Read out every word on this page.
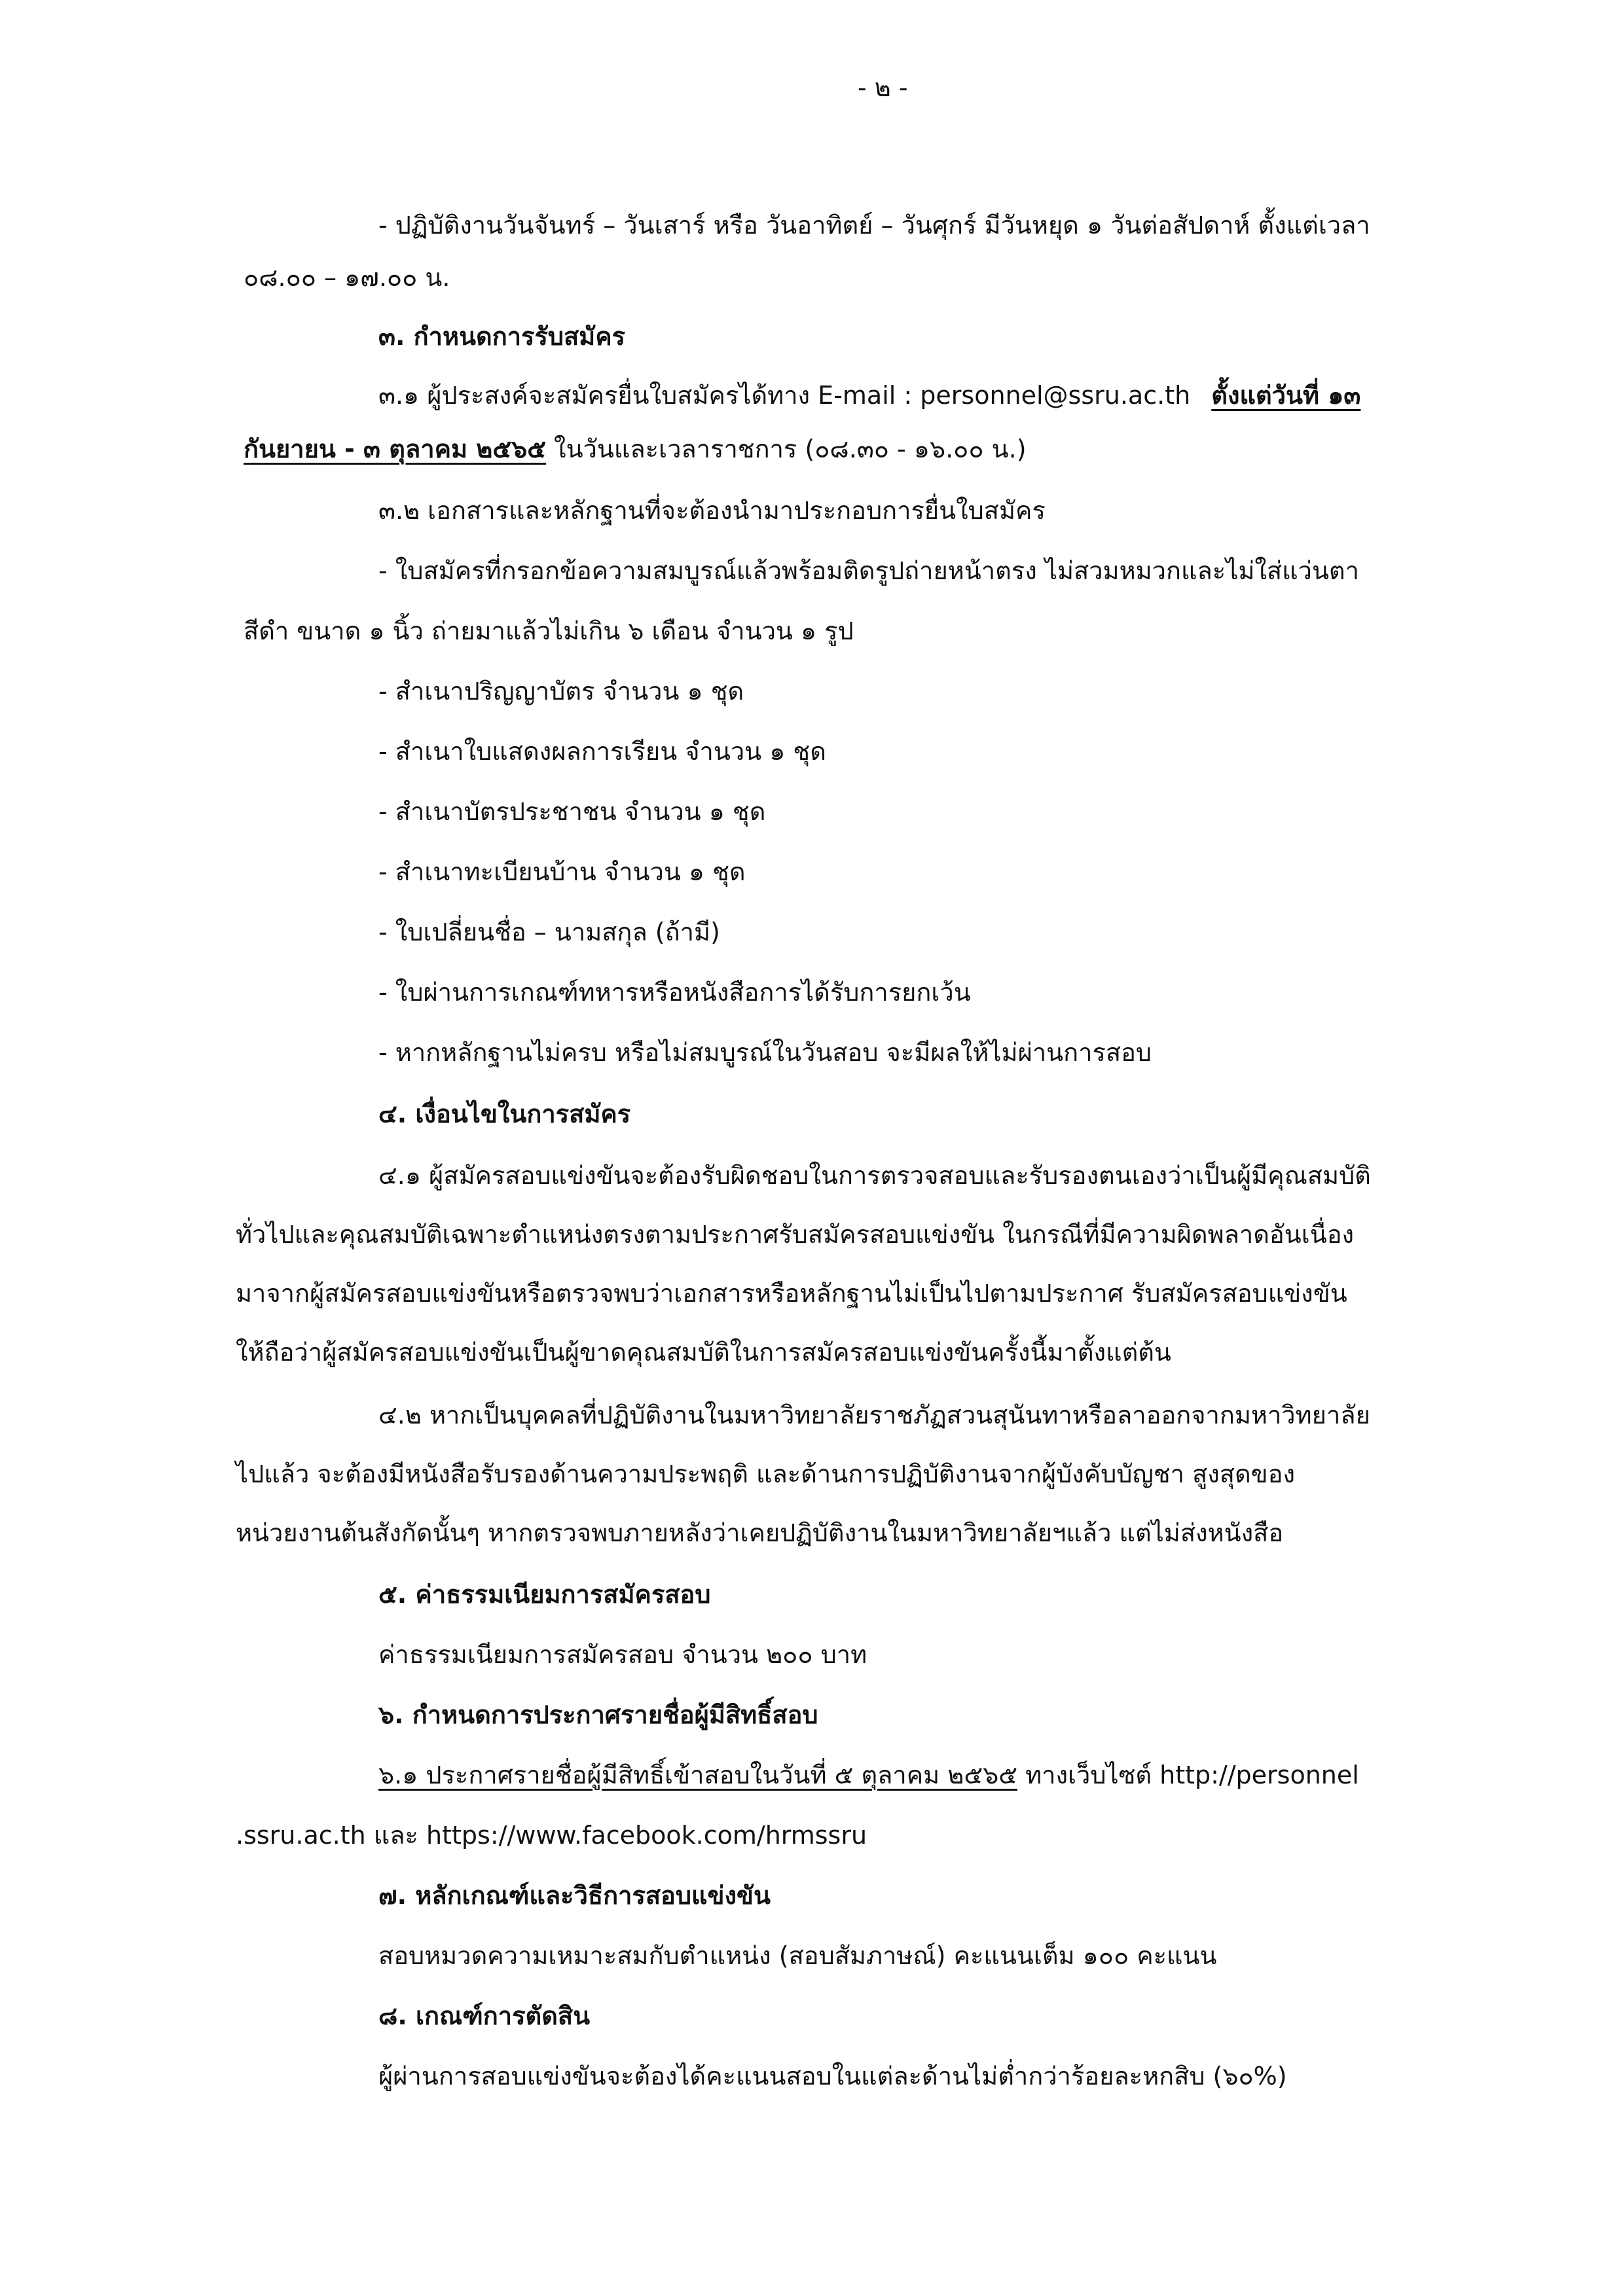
- ๒ -
- ปฏิบัติงานวันจันทร์ – วันเสาร์ หรือ วันอาทิตย์ – วันศุกร์ มีวันหยุด ๑ วันต่อสัปดาห์ ตั้งแต่เวลา
๐๘.๐๐ – ๑๗.๐๐ น.
๓. กำหนดการรับสมัคร
๓.๑ ผู้ประสงค์จะสมัครยื่นใบสมัครได้ทาง E-mail : personnel@ssru.ac.th ตั้งแต่วันที่ ๑๓
กันยายน - ๓ ตุลาคม ๒๕๖๕ ในวันและเวลาราชการ (๐๘.๓๐ - ๑๖.๐๐ น.)
๓.๒ เอกสารและหลักฐานที่จะต้องนำมาประกอบการยื่นใบสมัคร
- ใบสมัครที่กรอกข้อความสมบูรณ์แล้วพร้อมติดรูปถ่ายหน้าตรง ไม่สวมหมวกและไม่ใส่แว่นตา
สีดำ ขนาด ๑ นิ้ว ถ่ายมาแล้วไม่เกิน ๖ เดือน จำนวน ๑ รูป
- สำเนาปริญญาบัตร จำนวน ๑ ชุด
- สำเนาใบแสดงผลการเรียน จำนวน ๑ ชุด
- สำเนาบัตรประชาชน จำนวน ๑ ชุด
- สำเนาทะเบียนบ้าน จำนวน ๑ ชุด
- ใบเปลี่ยนชื่อ – นามสกุล (ถ้ามี)
- ใบผ่านการเกณฑ์ทหารหรือหนังสือการได้รับการยกเว้น
- หากหลักฐานไม่ครบ หรือไม่สมบูรณ์ในวันสอบ จะมีผลให้ไม่ผ่านการสอบ
๔. เงื่อนไขในการสมัคร
๔.๑ ผู้สมัครสอบแข่งขันจะต้องรับผิดชอบในการตรวจสอบและรับรองตนเองว่าเป็นผู้มีคุณสมบัติ
ทั่วไปและคุณสมบัติเฉพาะตำแหน่งตรงตามประกาศรับสมัครสอบแข่งขัน ในกรณีที่มีความผิดพลาดอันเนื่อง
มาจากผู้สมัครสอบแข่งขันหรือตรวจพบว่าเอกสารหรือหลักฐานไม่เป็นไปตามประกาศ รับสมัครสอบแข่งขัน
ให้ถือว่าผู้สมัครสอบแข่งขันเป็นผู้ขาดคุณสมบัติในการสมัครสอบแข่งขันครั้งนี้มาตั้งแต่ต้น
๔.๒ หากเป็นบุคคลที่ปฏิบัติงานในมหาวิทยาลัยราชภัฏสวนสุนันทาหรือลาออกจากมหาวิทยาลัย
ไปแล้ว จะต้องมีหนังสือรับรองด้านความประพฤติ และด้านการปฏิบัติงานจากผู้บังคับบัญชา สูงสุดของ
หน่วยงานต้นสังกัดนั้นๆ หากตรวจพบภายหลังว่าเคยปฏิบัติงานในมหาวิทยาลัยฯแล้ว แต่ไม่ส่งหนังสือ
๕. ค่าธรรมเนียมการสมัครสอบ
ค่าธรรมเนียมการสมัครสอบ จำนวน ๒๐๐ บาท
๖. กำหนดการประกาศรายชื่อผู้มีสิทธิ์สอบ
๖.๑ ประกาศรายชื่อผู้มีสิทธิ์เข้าสอบในวันที่ ๕ ตุลาคม ๒๕๖๕ ทางเว็บไซต์ http://personnel
.ssru.ac.th และ https://www.facebook.com/hrmssru
๗. หลักเกณฑ์และวิธีการสอบแข่งขัน
สอบหมวดความเหมาะสมกับตำแหน่ง (สอบสัมภาษณ์) คะแนนเต็ม ๑๐๐ คะแนน
๘. เกณฑ์การตัดสิน
ผู้ผ่านการสอบแข่งขันจะต้องได้คะแนนสอบในแต่ละด้านไม่ต่ำกว่าร้อยละหกสิบ (๖๐%)
